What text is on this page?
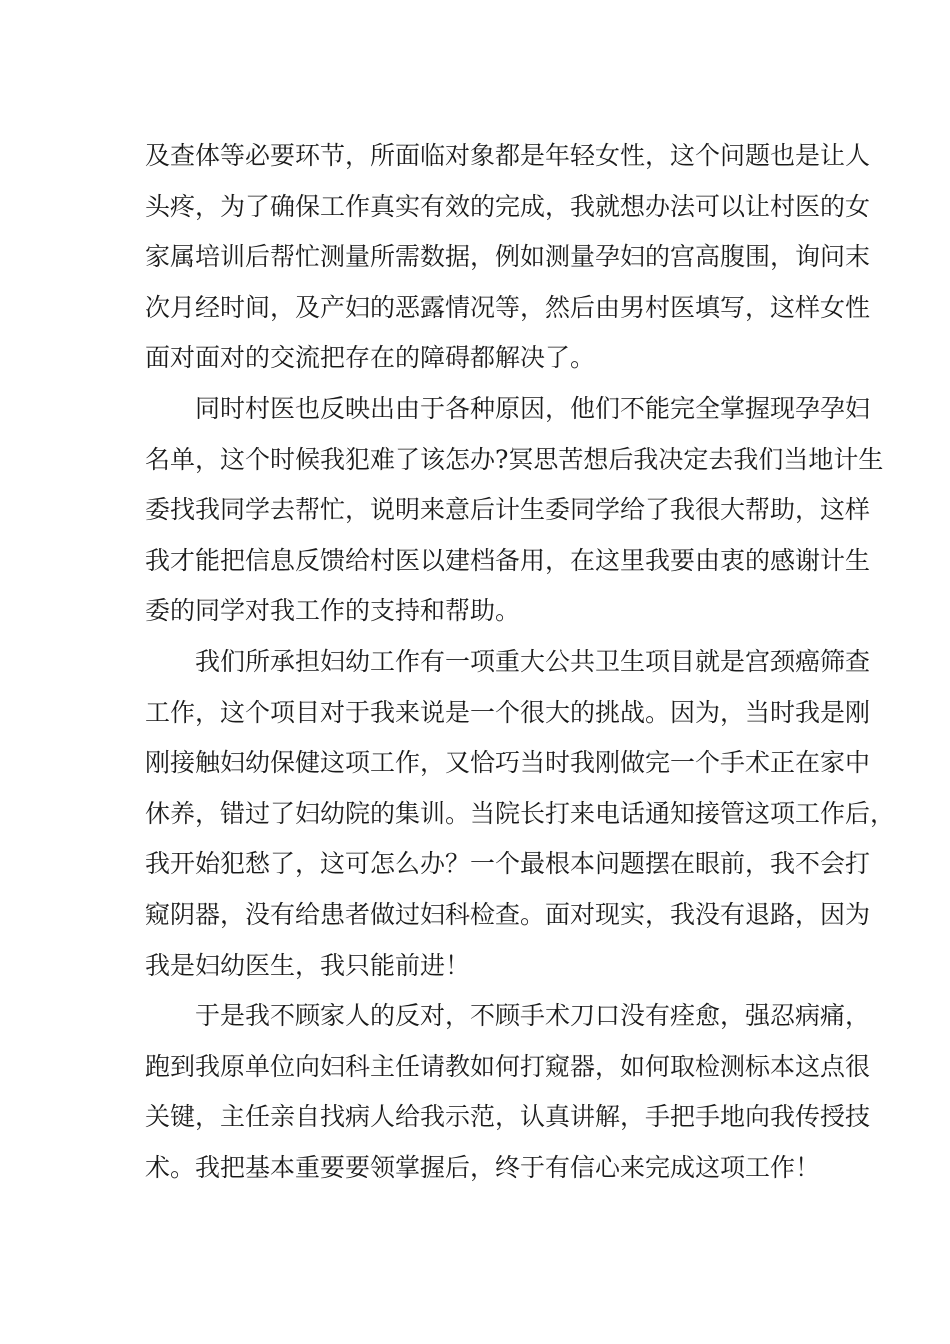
及查体等必要环节，所面临对象都是年轻女性，这个问题也是让人
头疼，为了确保工作真实有效的完成，我就想办法可以让村医的女
家属培训后帮忙测量所需数据，例如测量孕妇的宫高腹围，询问末
次月经时间，及产妇的恶露情况等，然后由男村医填写，这样女性
面对面对的交流把存在的障碍都解决了。
同时村医也反映出由于各种原因，他们不能完全掌握现孕孕妇
名单，这个时候我犯难了该怎办?冥思苦想后我决定去我们当地计生
委找我同学去帮忙，说明来意后计生委同学给了我很大帮助，这样
我才能把信息反馈给村医以建档备用，在这里我要由衷的感谢计生
委的同学对我工作的支持和帮助。
我们所承担妇幼工作有一项重大公共卫生项目就是宫颈癌筛查
工作，这个项目对于我来说是一个很大的挑战。因为，当时我是刚
刚接触妇幼保健这项工作，又恰巧当时我刚做完一个手术正在家中
休养，错过了妇幼院的集训。当院长打来电话通知接管这项工作后，
我开始犯愁了，这可怎么办？一个最根本问题摆在眼前，我不会打
窥阴器，没有给患者做过妇科检查。面对现实，我没有退路，因为
我是妇幼医生，我只能前进！
于是我不顾家人的反对，不顾手术刀口没有痊愈，强忍病痛，
跑到我原单位向妇科主任请教如何打窥器，如何取检测标本这点很
关键，主任亲自找病人给我示范，认真讲解，手把手地向我传授技
术。我把基本重要要领掌握后，终于有信心来完成这项工作！
